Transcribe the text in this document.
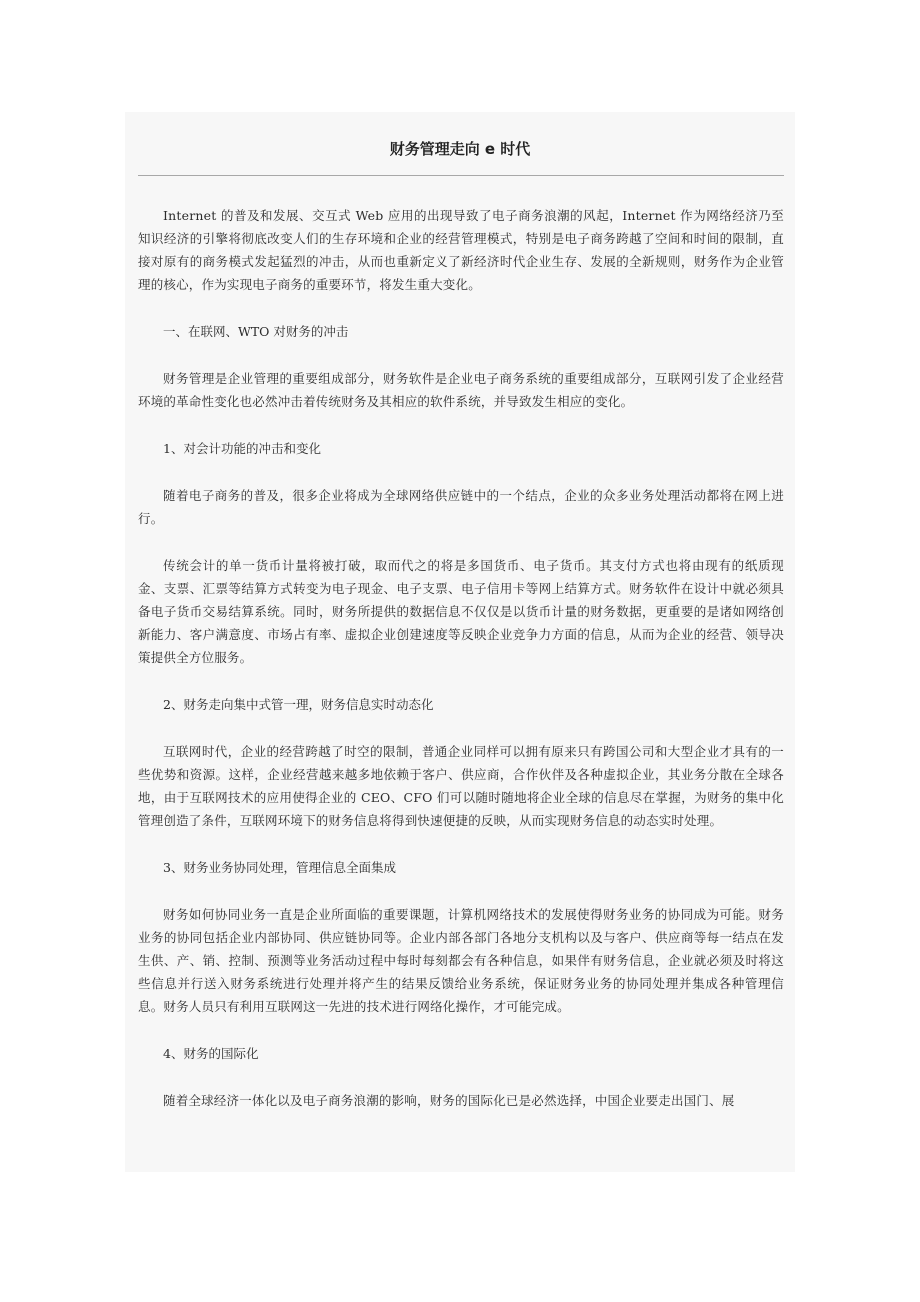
财务管理走向 e 时代

Internet 的普及和发展、交互式 Web 应用的出现导致了电子商务浪潮的风起，Internet 作为网络经济乃至知识经济的引擎将彻底改变人们的生存环境和企业的经营管理模式，特别是电子商务跨越了空间和时间的限制，直接对原有的商务模式发起猛烈的冲击，从而也重新定义了新经济时代企业生存、发展的全新规则，财务作为企业管理的核心，作为实现电子商务的重要环节，将发生重大变化。

一、在联网、WTO 对财务的冲击

财务管理是企业管理的重要组成部分，财务软件是企业电子商务系统的重要组成部分，互联网引发了企业经营环境的革命性变化也必然冲击着传统财务及其相应的软件系统，并导致发生相应的变化。

1、对会计功能的冲击和变化

随着电子商务的普及，很多企业将成为全球网络供应链中的一个结点，企业的众多业务处理活动都将在网上进行。

传统会计的单一货币计量将被打破，取而代之的将是多国货币、电子货币。其支付方式也将由现有的纸质现金、支票、汇票等结算方式转变为电子现金、电子支票、电子信用卡等网上结算方式。财务软件在设计中就必须具备电子货币交易结算系统。同时，财务所提供的数据信息不仅仅是以货币计量的财务数据，更重要的是诸如网络创新能力、客户满意度、市场占有率、虚拟企业创建速度等反映企业竞争力方面的信息，从而为企业的经营、领导决策提供全方位服务。

2、财务走向集中式管一理，财务信息实时动态化

互联网时代，企业的经营跨越了时空的限制，普通企业同样可以拥有原来只有跨国公司和大型企业才具有的一些优势和资源。这样，企业经营越来越多地依赖于客户、供应商，合作伙伴及各种虚拟企业，其业务分散在全球各地，由于互联网技术的应用使得企业的 CEO、CFO 们可以随时随地将企业全球的信息尽在掌握，为财务的集中化管理创造了条件，互联网环境下的财务信息将得到快速便捷的反映，从而实现财务信息的动态实时处理。

3、财务业务协同处理，管理信息全面集成

财务如何协同业务一直是企业所面临的重要课题，计算机网络技术的发展使得财务业务的协同成为可能。财务业务的协同包括企业内部协同、供应链协同等。企业内部各部门各地分支机构以及与客户、供应商等每一结点在发生供、产、销、控制、预测等业务活动过程中每时每刻都会有各种信息，如果伴有财务信息，企业就必须及时将这些信息并行送入财务系统进行处理并将产生的结果反馈给业务系统，保证财务业务的协同处理并集成各种管理信息。财务人员只有利用互联网这一先进的技术进行网络化操作，才可能完成。

4、财务的国际化

随着全球经济一体化以及电子商务浪潮的影响，财务的国际化已是必然选择，中国企业要走出国门、展
